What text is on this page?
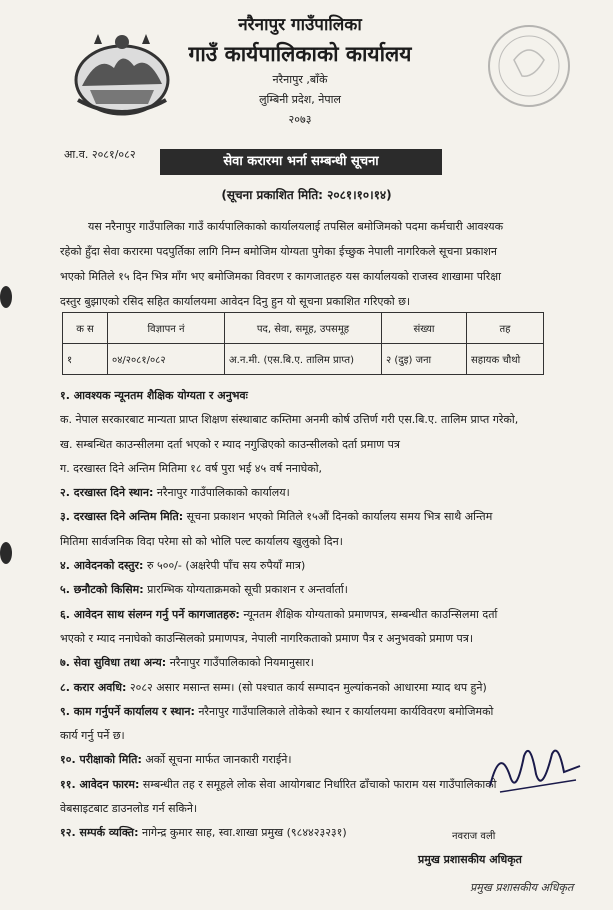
नरैनापुर गाउँपालिका
गाउँ कार्यपालिकाको कार्यालय
नरैनापुर ,बाँके
लुम्बिनी प्रदेश, नेपाल
२०७३
आ.व. २०८१/०८२	सेवा करारमा भर्ना सम्बन्धी सूचना
(सूचना प्रकाशित मिति: २०८१।१०।१४)
यस नरैनापुर गाउँपालिका गाउँ कार्यपालिकाको कार्यालयलाई तपसिल बमोजिमको पदमा कर्मचारी आवश्यक
रहेको हुँदा सेवा करारमा पदपुर्तिका लागि निम्न बमोजिम योग्यता पुगेका ईच्छुक नेपाली नागरिकले सूचना प्रकाशन
भएको मितिले १५ दिन भित्र माँग भए बमोजिमका विवरण र कागजातहरु यस कार्यालयको राजस्व शाखामा परिक्षा
दस्तुर बुझाएको रसिद सहित कार्यालयमा आवेदन दिनु हुन यो सूचना प्रकाशित गरिएको छ।
क स	विज्ञापन नं	पद, सेवा, समूह, उपसमूह	संख्या	तह
१	०४/२०८१/०८२	अ.न.मी. (एस.बि.ए. तालिम प्राप्त)	२ (दुइ) जना	सहायक चौथो
१. आवश्यक न्यूनतम शैक्षिक योग्यता र अनुभवः
क. नेपाल सरकारबाट मान्यता प्राप्त शिक्षण संस्थाबाट कम्तिमा अनमी कोर्ष उत्तिर्ण गरी एस.बि.ए. तालिम प्राप्त गरेको,
ख. सम्बन्धित काउन्सीलमा दर्ता भएको र म्याद नगुज्रिएको काउन्सीलको दर्ता प्रमाण पत्र
ग. दरखास्त दिने अन्तिम मितिमा १८ वर्ष पुरा भई ४५ वर्ष ननाघेको,
२. दरखास्त दिने स्थान: नरैनापुर गाउँपालिकाको कार्यालय।
३. दरखास्त दिने अन्तिम मिति: सूचना प्रकाशन भएको मितिले १५औं दिनको कार्यालय समय भित्र साथै अन्तिम
मितिमा सार्वजनिक विदा परेमा सो को भोलि पल्ट कार्यालय खुलुको दिन।
४. आवेदनको दस्तुर: रु ५००/- (अक्षरेपी पाँच सय रुपैयाँ मात्र)
५. छनौटको किसिम: प्रारम्भिक योग्यताक्रमको सूची प्रकाशन र अन्तर्वार्ता।
६. आवेदन साथ संलग्न गर्नु पर्ने कागजातहरु: न्यूनतम शैक्षिक योग्यताको प्रमाणपत्र, सम्बन्धीत काउन्सिलमा दर्ता
भएको र म्याद ननाघेको काउन्सिलको प्रमाणपत्र, नेपाली नागरिकताको प्रमाण पैत्र र अनुभवको प्रमाण पत्र।
७. सेवा सुविधा तथा अन्य: नरैनापुर गाउँपालिकाको नियमानुसार।
८. करार अवधि: २०८२ असार मसान्त सम्म। (सो पश्चात कार्य सम्पादन मुल्यांकनको आधारमा म्याद थप हुने)
९. काम गर्नुपर्ने कार्यालय र स्थान: नरैनापुर गाउँपालिकाले तोकेको स्थान र कार्यालयमा कार्यविवरण बमोजिमको
कार्य गर्नु पर्ने छ।
१०. परीक्षाको मिति: अर्को सूचना मार्फत जानकारी गराईने।
११. आवेदन फारम: सम्बन्धीत तह र समूहले लोक सेवा आयोगबाट निर्धारित ढाँचाको फाराम यस गाउँपालिकाको
वेबसाइटबाट डाउनलोड गर्न सकिने।
१२. सम्पर्क व्यक्ति: नागेन्द्र कुमार साह, स्वा.शाखा प्रमुख (९८४४२३२३१)	नवराज वली
प्रमुख प्रशासकीय अधिकृत
प्रमुख प्रशासकीय अधिकृत
